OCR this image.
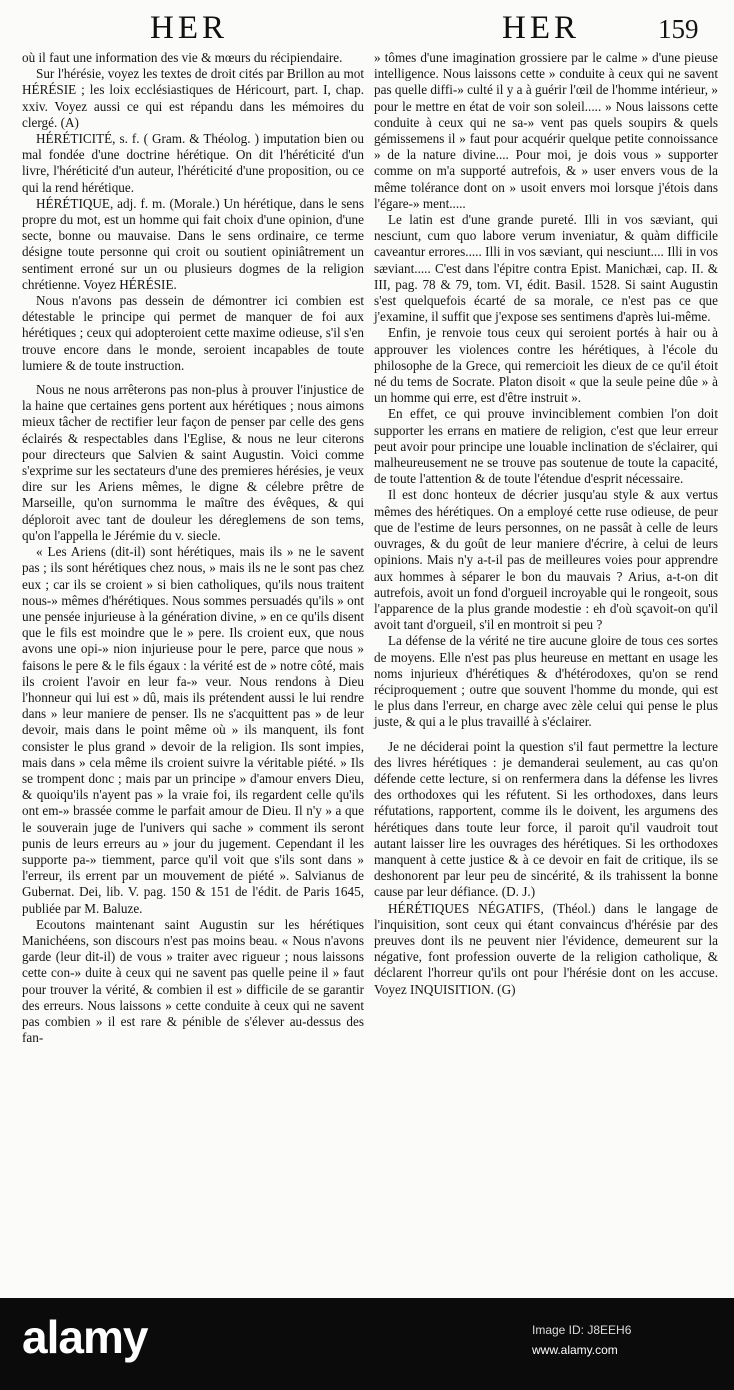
HER	HER	159

où il faut une information des vie & mœurs du récipiendaire.

Sur l'hérésie, voyez les textes de droit cités par Brillon au mot HÉRÉSIE ; les loix ecclésiastiques de Héricourt, part. I, chap. xxiv. Voyez aussi ce qui est répandu dans les mémoires du clergé. (A)

HÉRÉTICITÉ, s. f. ( Gram. & Théolog. ) imputation bien ou mal fondée d'une doctrine hérétique. On dit l'héréticité d'un livre, l'héréticité d'un auteur, l'héréticité d'une proposition, ou ce qui la rend hérétique.

HÉRÉTIQUE, adj. f. m. (Morale.) Un hérétique, dans le sens propre du mot, est un homme qui fait choix d'une opinion, d'une secte, bonne ou mauvaise. Dans le sens ordinaire, ce terme désigne toute personne qui croit ou soutient opiniâtrement un sentiment erroné sur un ou plusieurs dogmes de la religion chrétienne. Voyez HÉRÉSIE.

Nous n'avons pas dessein de démontrer ici combien est détestable le principe qui permet de manquer de foi aux hérétiques ; ceux qui adopteroient cette maxime odieuse, s'il s'en trouve encore dans le monde, seroient incapables de toute lumiere & de toute instruction.

Nous ne nous arrêterons pas non-plus à prouver l'injustice de la haine que certaines gens portent aux hérétiques ; nous aimons mieux tâcher de rectifier leur façon de penser par celle des gens éclairés & respectables dans l'Eglise, & nous ne leur citerons pour directeurs que Salvien & saint Augustin. Voici comme s'exprime sur les sectateurs d'une des premieres hérésies, je veux dire sur les Ariens mêmes, le digne & célebre prêtre de Marseille, qu'on surnomma le maître des évêques, & qui déploroit avec tant de douleur les déreglemens de son tems, qu'on l'appella le Jérémie du v. siecle.

« Les Ariens (dit-il) sont hérétiques, mais ils » ne le savent pas ; ils sont hérétiques chez nous, » mais ils ne le sont pas chez eux ; car ils se croient » si bien catholiques, qu'ils nous traitent nous-» mêmes d'hérétiques. Nous sommes persuadés qu'ils » ont une pensée injurieuse à la génération divine, » en ce qu'ils disent que le fils est moindre que le » pere. Ils croient eux, que nous avons une opi-» nion injurieuse pour le pere, parce que nous » faisons le pere & le fils égaux : la vérité est de » notre côté, mais ils croient l'avoir en leur fa-» veur. Nous rendons à Dieu l'honneur qui lui est » dû, mais ils prétendent aussi le lui rendre dans » leur maniere de penser. Ils ne s'acquittent pas » de leur devoir, mais dans le point même où » ils manquent, ils font consister le plus grand » devoir de la religion. Ils sont impies, mais dans » cela même ils croient suivre la véritable piété. » Ils se trompent donc ; mais par un principe » d'amour envers Dieu, & quoiqu'ils n'ayent pas » la vraie foi, ils regardent celle qu'ils ont em-» brassée comme le parfait amour de Dieu. Il n'y » a que le souverain juge de l'univers qui sache » comment ils seront punis de leurs erreurs au » jour du jugement. Cependant il les supporte pa-» tiemment, parce qu'il voit que s'ils sont dans » l'erreur, ils errent par un mouvement de piété ». Salvianus de Gubernat. Dei, lib. V. pag. 150 & 151 de l'édit. de Paris 1645, publiée par M. Baluze.

Ecoutons maintenant saint Augustin sur les hérétiques Manichéens, son discours n'est pas moins beau. « Nous n'avons garde (leur dit-il) de vous » traiter avec rigueur ; nous laissons cette con-» duite à ceux qui ne savent pas quelle peine il » faut pour trouver la vérité, & combien il est » difficile de se garantir des erreurs. Nous laissons » cette conduite à ceux qui ne savent pas combien » il est rare & pénible de s'élever au-dessus des fan-

» tômes d'une imagination grossiere par le calme » d'une pieuse intelligence. Nous laissons cette » conduite à ceux qui ne savent pas quelle diffi-» culté il y a à guérir l'œil de l'homme intérieur, » pour le mettre en état de voir son soleil..... » Nous laissons cette conduite à ceux qui ne sa-» vent pas quels soupirs & quels gémissemens il » faut pour acquérir quelque petite connoissance » de la nature divine.... Pour moi, je dois vous » supporter comme on m'a supporté autrefois, & » user envers vous de la même tolérance dont on » usoit envers moi lorsque j'étois dans l'égare-» ment.....

Le latin est d'une grande pureté. Illi in vos sæviant, qui nesciunt, cum quo labore verum inveniatur, & quàm difficile caveantur errores..... Illi in vos sæviant, qui nesciunt.... Illi in vos sæviant..... C'est dans l'épitre contra Epist. Manichæi, cap. II. & III, pag. 78 & 79, tom. VI, édit. Basil. 1528. Si saint Augustin s'est quelquefois écarté de sa morale, ce n'est pas ce que j'examine, il suffit que j'expose ses sentimens d'après lui-même.

Enfin, je renvoie tous ceux qui seroient portés à hair ou à approuver les violences contre les hérétiques, à l'école du philosophe de la Grece, qui remercioit les dieux de ce qu'il étoit né du tems de Socrate. Platon disoit « que la seule peine dûe » à un homme qui erre, est d'être instruit ».

En effet, ce qui prouve invinciblement combien l'on doit supporter les errans en matiere de religion, c'est que leur erreur peut avoir pour principe une louable inclination de s'éclairer, qui malheureusement ne se trouve pas soutenue de toute la capacité, de toute l'attention & de toute l'étendue d'esprit nécessaire.

Il est donc honteux de décrier jusqu'au style & aux vertus mêmes des hérétiques. On a employé cette ruse odieuse, de peur que de l'estime de leurs personnes, on ne passât à celle de leurs ouvrages, & du goût de leur maniere d'écrire, à celui de leurs opinions. Mais n'y a-t-il pas de meilleures voies pour apprendre aux hommes à séparer le bon du mauvais ? Arius, a-t-on dit autrefois, avoit un fond d'orgueil incroyable qui le rongeoit, sous l'apparence de la plus grande modestie : eh d'où sçavoit-on qu'il avoit tant d'orgueil, s'il en montroit si peu ?

La défense de la vérité ne tire aucune gloire de tous ces sortes de moyens. Elle n'est pas plus heureuse en mettant en usage les noms injurieux d'hérétiques & d'hétérodoxes, qu'on se rend réciproquement ; outre que souvent l'homme du monde, qui est le plus dans l'erreur, en charge avec zèle celui qui pense le plus juste, & qui a le plus travaillé à s'éclairer.

Je ne déciderai point la question s'il faut permettre la lecture des livres hérétiques : je demanderai seulement, au cas qu'on défende cette lecture, si on renfermera dans la défense les livres des orthodoxes qui les réfutent. Si les orthodoxes, dans leurs réfutations, rapportent, comme ils le doivent, les argumens des hérétiques dans toute leur force, il paroit qu'il vaudroit tout autant laisser lire les ouvrages des hérétiques. Si les orthodoxes manquent à cette justice & à ce devoir en fait de critique, ils se deshonorent par leur peu de sincérité, & ils trahissent la bonne cause par leur défiance. (D. J.)

HÉRÉTIQUES NÉGATIFS, (Théol.) dans le langage de l'inquisition, sont ceux qui étant convaincus d'hérésie par des preuves dont ils ne peuvent nier l'évidence, demeurent sur la négative, font profession ouverte de la religion catholique, & déclarent l'horreur qu'ils ont pour l'hérésie dont on les accuse. Voyez INQUISITION. (G)

alamy	Image ID: J8EEH6
www.alamy.com
